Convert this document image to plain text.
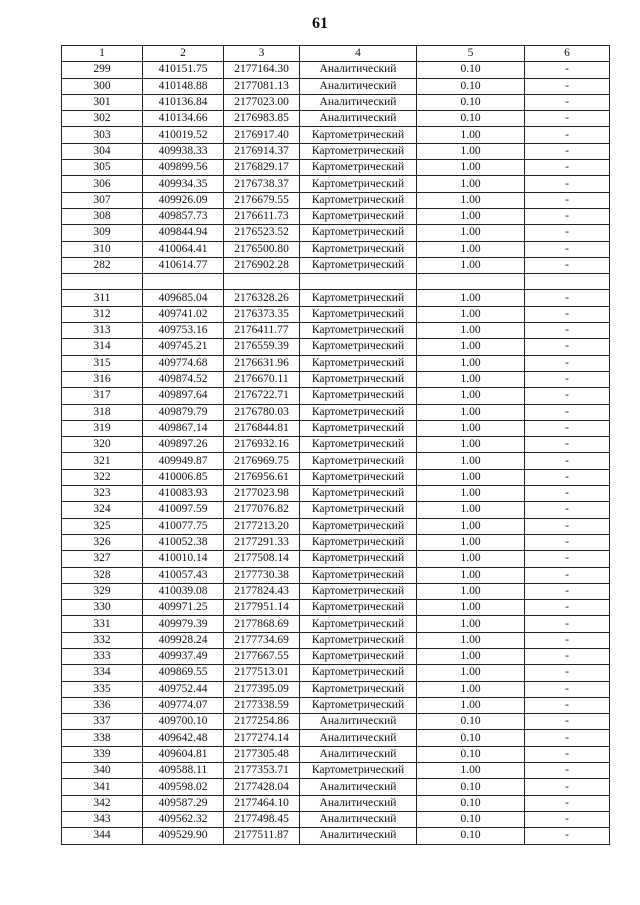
61
1	2	3	4	5	6
299	410151.75	2177164.30	Аналитический	0.10	-
300	410148.88	2177081.13	Аналитический	0.10	-
301	410136.84	2177023.00	Аналитический	0.10	-
302	410134.66	2176983.85	Аналитический	0.10	-
303	410019.52	2176917.40	Картометрический	1.00	-
304	409938.33	2176914.37	Картометрический	1.00	-
305	409899.56	2176829.17	Картометрический	1.00	-
306	409934.35	2176738.37	Картометрический	1.00	-
307	409926.09	2176679.55	Картометрический	1.00	-
308	409857.73	2176611.73	Картометрический	1.00	-
309	409844.94	2176523.52	Картометрический	1.00	-
310	410064.41	2176500.80	Картометрический	1.00	-
282	410614.77	2176902.28	Картометрический	1.00	-

311	409685.04	2176328.26	Картометрический	1.00	-
312	409741.02	2176373.35	Картометрический	1.00	-
313	409753.16	2176411.77	Картометрический	1.00	-
314	409745.21	2176559.39	Картометрический	1.00	-
315	409774.68	2176631.96	Картометрический	1.00	-
316	409874.52	2176670.11	Картометрический	1.00	-
317	409897.64	2176722.71	Картометрический	1.00	-
318	409879.79	2176780.03	Картометрический	1.00	-
319	409867.14	2176844.81	Картометрический	1.00	-
320	409897.26	2176932.16	Картометрический	1.00	-
321	409949.87	2176969.75	Картометрический	1.00	-
322	410006.85	2176956.61	Картометрический	1.00	-
323	410083.93	2177023.98	Картометрический	1.00	-
324	410097.59	2177076.82	Картометрический	1.00	-
325	410077.75	2177213.20	Картометрический	1.00	-
326	410052.38	2177291.33	Картометрический	1.00	-
327	410010.14	2177508.14	Картометрический	1.00	-
328	410057.43	2177730.38	Картометрический	1.00	-
329	410039.08	2177824.43	Картометрический	1.00	-
330	409971.25	2177951.14	Картометрический	1.00	-
331	409979.39	2177868.69	Картометрический	1.00	-
332	409928.24	2177734.69	Картометрический	1.00	-
333	409937.49	2177667.55	Картометрический	1.00	-
334	409869.55	2177513.01	Картометрический	1.00	-
335	409752.44	2177395.09	Картометрический	1.00	-
336	409774.07	2177338.59	Картометрический	1.00	-
337	409700.10	2177254.86	Аналитический	0.10	-
338	409642.48	2177274.14	Аналитический	0.10	-
339	409604.81	2177305.48	Аналитический	0.10	-
340	409588.11	2177353.71	Картометрический	1.00	-
341	409598.02	2177428.04	Аналитический	0.10	-
342	409587.29	2177464.10	Аналитический	0.10	-
343	409562.32	2177498.45	Аналитический	0.10	-
344	409529.90	2177511.87	Аналитический	0.10	-
